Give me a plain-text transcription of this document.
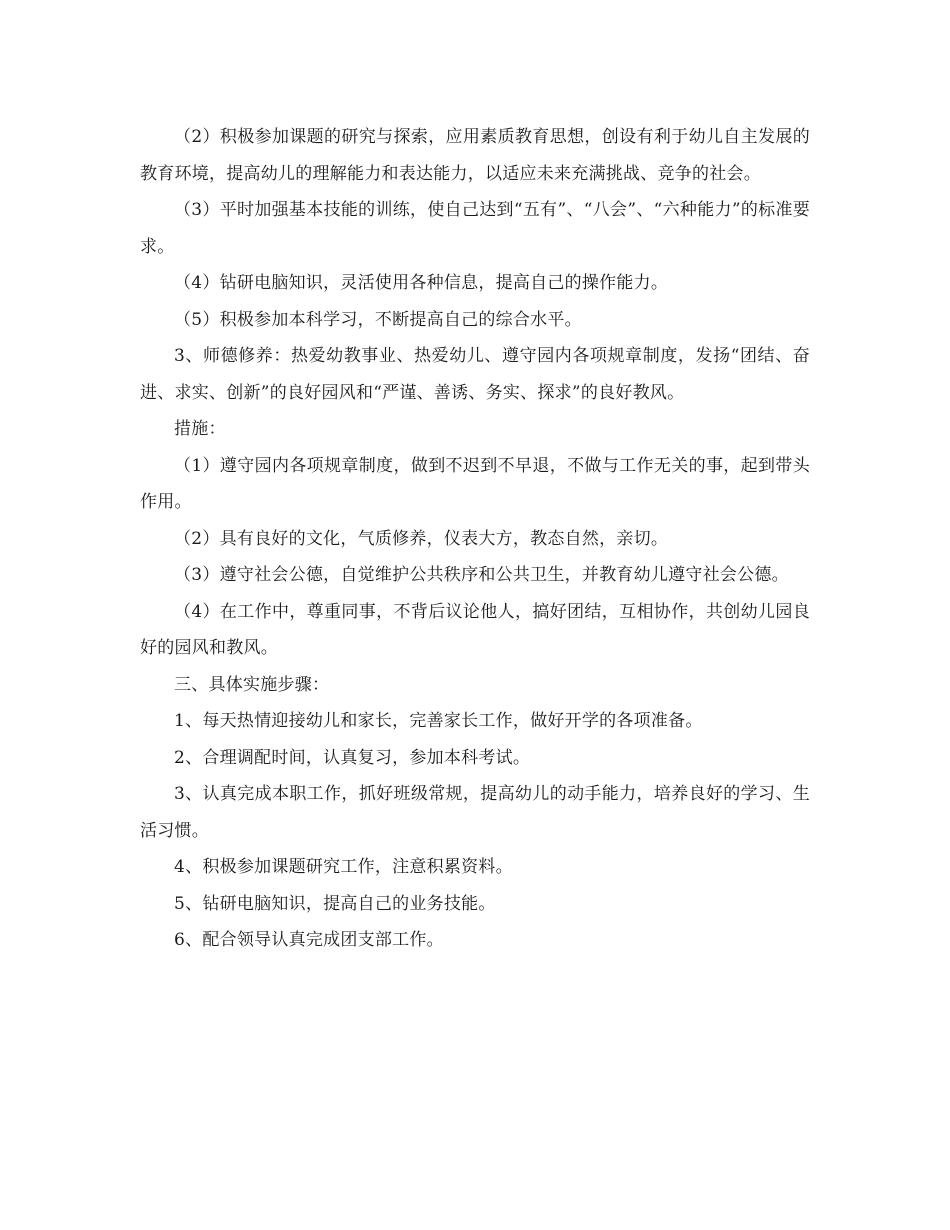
（2）积极参加课题的研究与探索，应用素质教育思想，创设有利于幼儿自主发展的教育环境，提高幼儿的理解能力和表达能力，以适应未来充满挑战、竞争的社会。

（3）平时加强基本技能的训练，使自己达到“五有”、“八会”、“六种能力”的标准要求。

（4）钻研电脑知识，灵活使用各种信息，提高自己的操作能力。

（5）积极参加本科学习，不断提高自己的综合水平。

3、师德修养：热爱幼教事业、热爱幼儿、遵守园内各项规章制度，发扬“团结、奋进、求实、创新”的良好园风和“严谨、善诱、务实、探求”的良好教风。

措施：

（1）遵守园内各项规章制度，做到不迟到不早退，不做与工作无关的事，起到带头作用。

（2）具有良好的文化，气质修养，仪表大方，教态自然，亲切。

（3）遵守社会公德，自觉维护公共秩序和公共卫生，并教育幼儿遵守社会公德。

（4）在工作中，尊重同事，不背后议论他人，搞好团结，互相协作，共创幼儿园良好的园风和教风。

三、具体实施步骤：

1、每天热情迎接幼儿和家长，完善家长工作，做好开学的各项准备。

2、合理调配时间，认真复习，参加本科考试。

3、认真完成本职工作，抓好班级常规，提高幼儿的动手能力，培养良好的学习、生活习惯。

4、积极参加课题研究工作，注意积累资料。

5、钻研电脑知识，提高自己的业务技能。

6、配合领导认真完成团支部工作。
